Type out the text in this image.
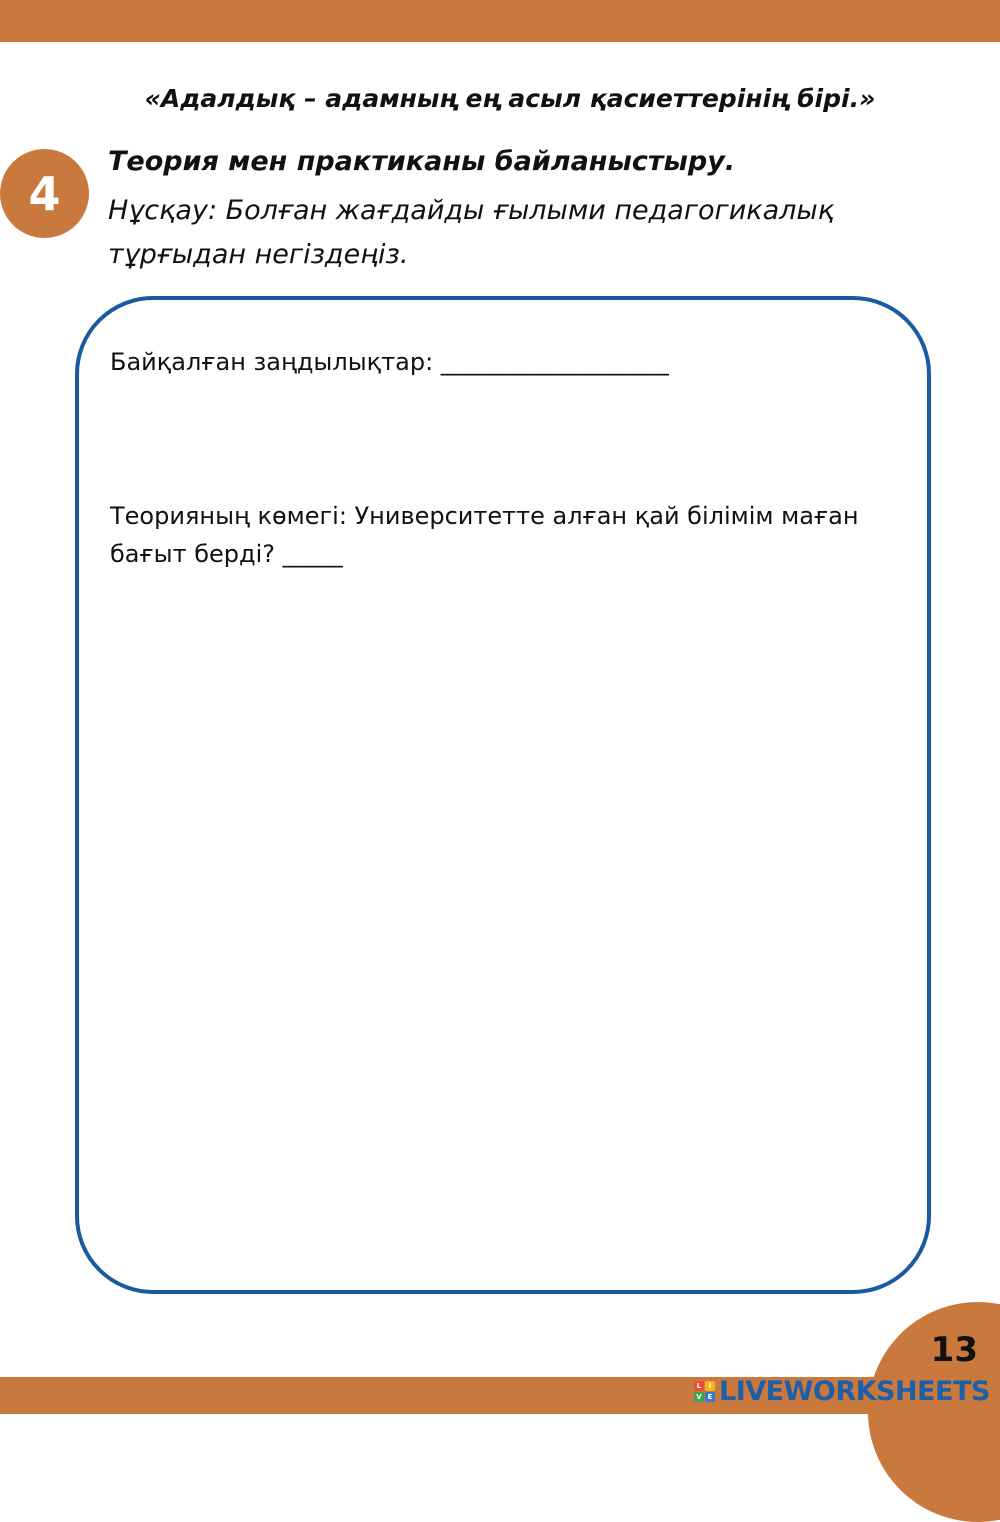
«Адалдық – адамның ең асыл қасиеттерінің бірі.»
4
Теория мен практиканы байланыстыру.
Нұсқау: Болған жағдайды ғылыми педагогикалық тұрғыдан негіздеңіз.
Байқалған заңдылықтар: ___________________
Теорияның көмегі: Университетте алған қай білімім маған бағыт берді? _____
13
L	I
V E LIVEWORKSHEETS
